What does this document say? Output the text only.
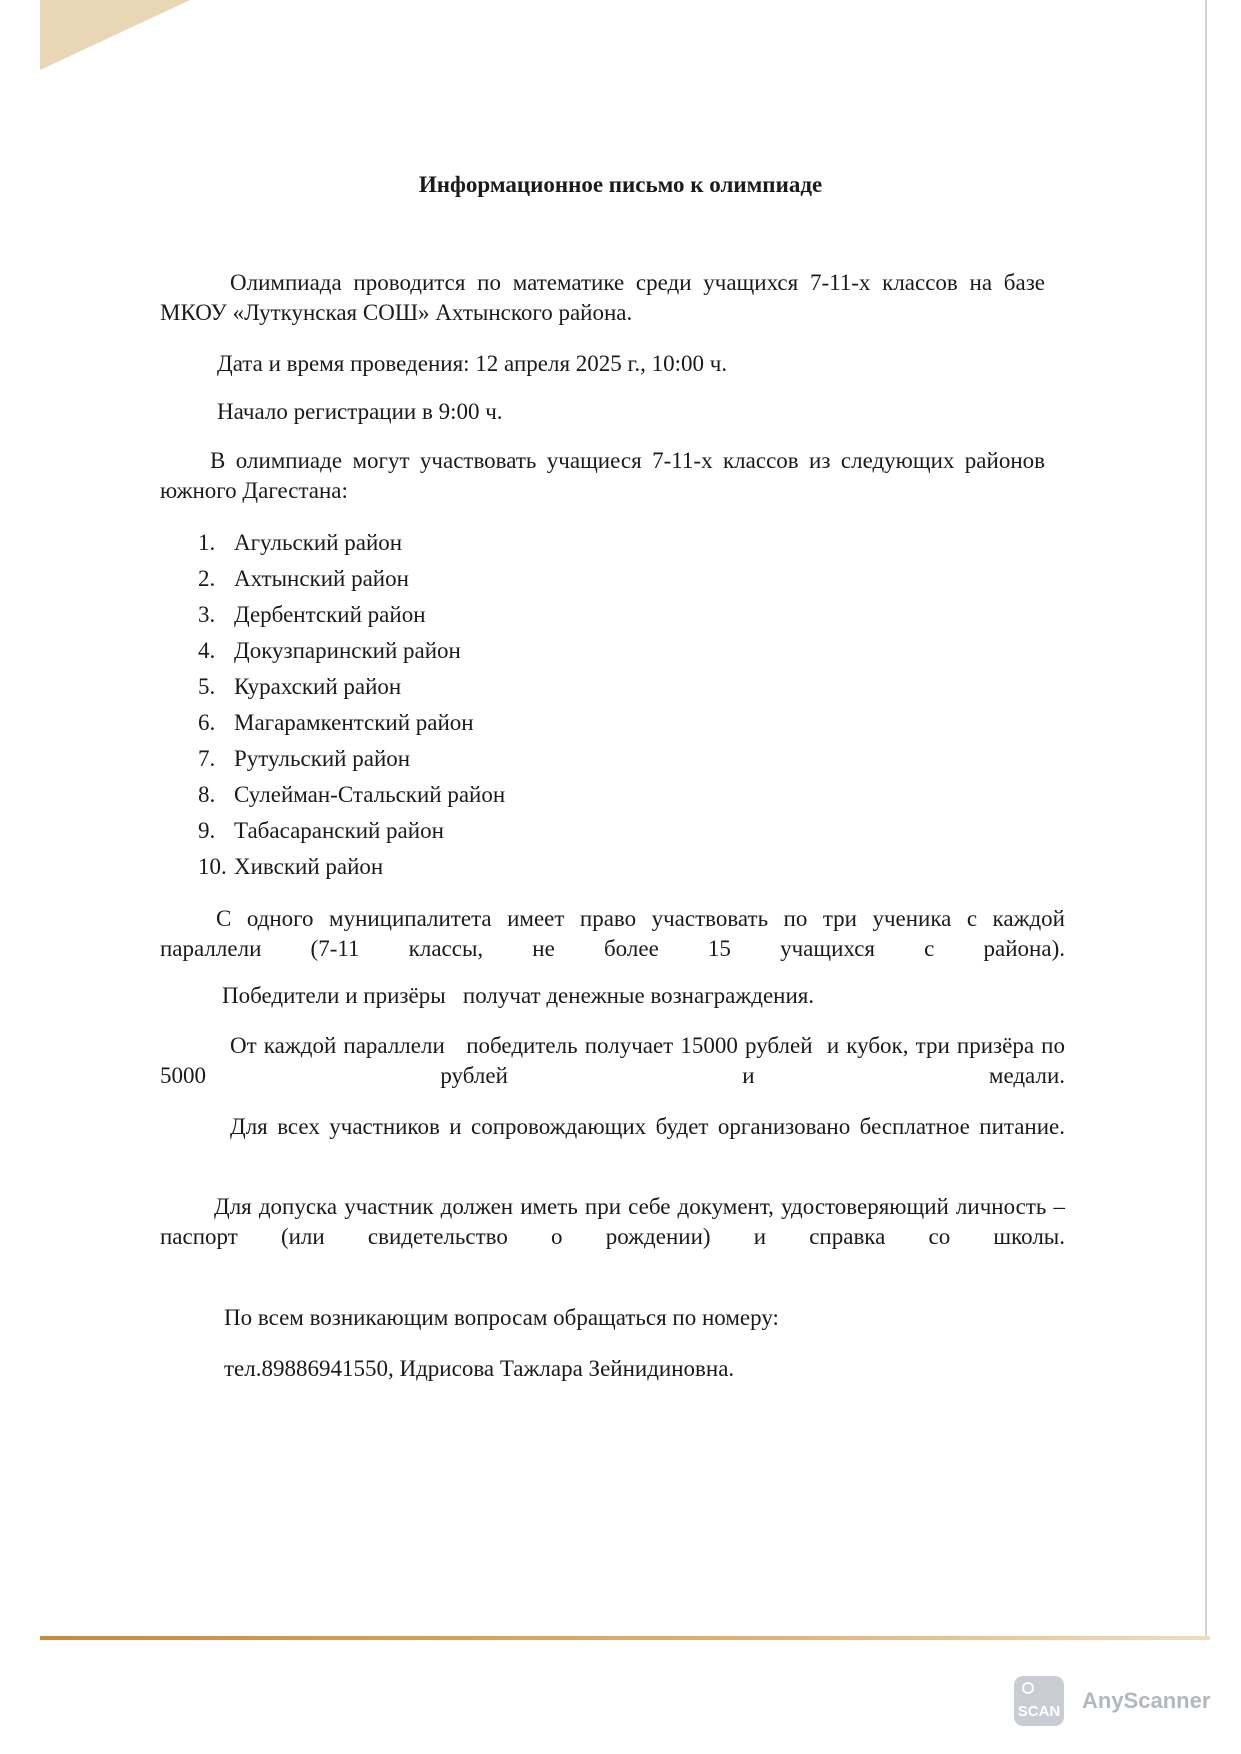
Информационное письмо к олимпиаде

Олимпиада проводится по математике среди учащихся 7-11-х классов на базе МКОУ «Луткунская СОШ» Ахтынского района.

Дата и время проведения: 12 апреля 2025 г., 10:00 ч.

Начало регистрации в 9:00 ч.

В олимпиаде могут участвовать учащиеся 7-11-х классов из следующих районов южного Дагестана:

1. Агульский район
2. Ахтынский район
3. Дербентский район
4. Докузпаринский район
5. Курахский район
6. Магарамкентский район
7. Рутульский район
8. Сулейман-Стальский район
9. Табасаранский район
10. Хивский район

С одного муниципалитета имеет право участвовать по три ученика с каждой параллели (7-11 классы, не более 15 учащихся с района).

Победители и призёры   получат денежные вознаграждения.

От каждой параллели   победитель получает 15000 рублей  и кубок, три призёра по 5000 рублей и медали.

Для всех участников и сопровождающих будет организовано бесплатное питание.

Для допуска участник должен иметь при себе документ, удостоверяющий личность – паспорт (или свидетельство о рождении) и справка со школы.

По всем возникающим вопросам обращаться по номеру:

тел.89886941550, Идрисова Тажлара Зейнидиновна.

SCAN AnyScanner
